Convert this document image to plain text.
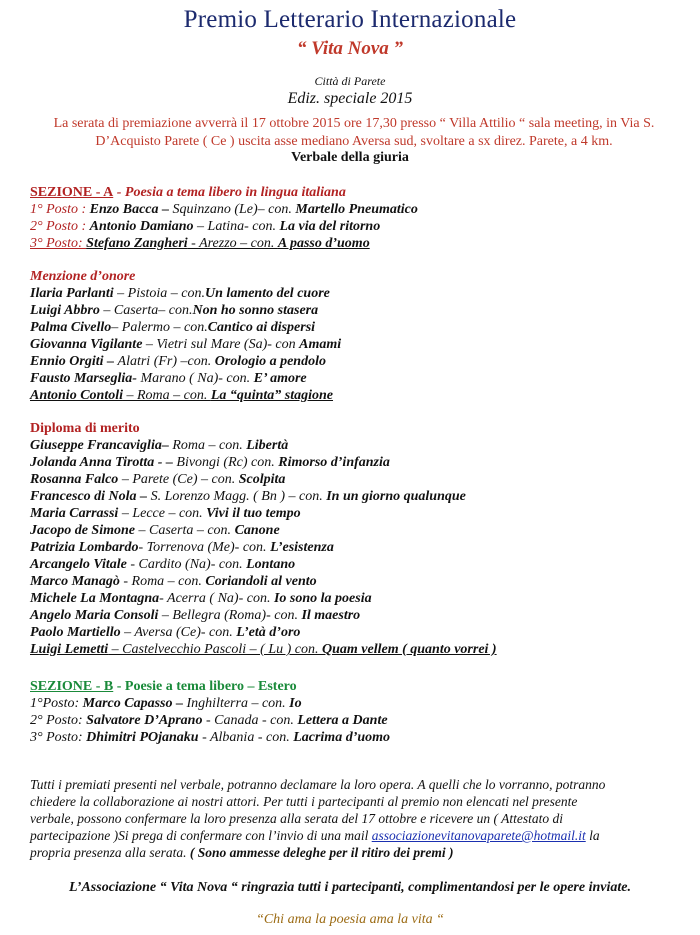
Premio Letterario Internazionale
“ Vita Nova ”
Città di Parete
Ediz. speciale 2015
La serata di premiazione avverrà il 17 ottobre 2015 ore 17,30 presso “ Villa Attilio “ sala meeting, in Via S.
D’Acquisto Parete ( Ce ) uscita asse mediano Aversa sud, svoltare a sx direz. Parete, a 4 km.
Verbale della giuria
SEZIONE - A - Poesia a tema libero in lingua italiana
1° Posto : Enzo Bacca – Squinzano (Le)– con. Martello Pneumatico
2° Posto : Antonio Damiano – Latina- con. La via del ritorno
3° Posto: Stefano Zangheri - Arezzo – con. A passo d’uomo
Menzione d’onore
Ilaria Parlanti – Pistoia – con.Un lamento del cuore
Luigi Abbro – Caserta– con.Non ho sonno stasera
Palma Civello– Palermo – con.Cantico ai dispersi
Giovanna Vigilante – Vietri sul Mare (Sa)- con Amami
Ennio Orgiti – Alatri (Fr) –con. Orologio a pendolo
Fausto Marseglia- Marano ( Na)- con. E’ amore
Antonio Contoli – Roma – con. La “quinta” stagione
Diploma di merito
Giuseppe Francaviglia– Roma – con. Libertà
Jolanda Anna Tirotta - – Bivongi (Rc) con. Rimorso d’infanzia
Rosanna Falco – Parete (Ce) – con. Scolpita
Francesco di Nola – S. Lorenzo Magg. ( Bn ) – con. In un giorno qualunque
Maria Carrassi – Lecce – con. Vivi il tuo tempo
Jacopo de Simone – Caserta – con. Canone
Patrizia Lombardo- Torrenova (Me)- con. L’esistenza
Arcangelo Vitale - Cardito (Na)- con. Lontano
Marco Managò - Roma – con. Coriandoli al vento
Michele La Montagna- Acerra ( Na)- con. Io sono la poesia
Angelo Maria Consoli – Bellegra (Roma)- con. Il maestro
Paolo Martiello – Aversa (Ce)- con. L’età d’oro
Luigi Lemetti – Castelvecchio Pascoli – ( Lu ) con. Quam vellem ( quanto vorrei )
SEZIONE - B - Poesie a tema libero – Estero
1°Posto: Marco Capasso – Inghilterra – con. Io
2° Posto: Salvatore D’Aprano - Canada - con. Lettera a Dante
3° Posto: Dhimitri POjanaku - Albania - con. Lacrima d’uomo
Tutti i premiati presenti nel verbale, potranno declamare la loro opera. A quelli che lo vorranno, potranno
chiedere la collaborazione ai nostri attori. Per tutti i partecipanti al premio non elencati nel presente
verbale, possono confermare la loro presenza alla serata del 17 ottobre e ricevere un ( Attestato di
partecipazione )Si prega di confermare con l’invio di una mail associazionevitanovaparete@hotmail.it la
propria presenza alla serata. ( Sono ammesse deleghe per il ritiro dei premi )
L’Associazione “ Vita Nova “ ringrazia tutti i partecipanti, complimentandosi per le opere inviate.
“Chi ama la poesia ama la vita “
